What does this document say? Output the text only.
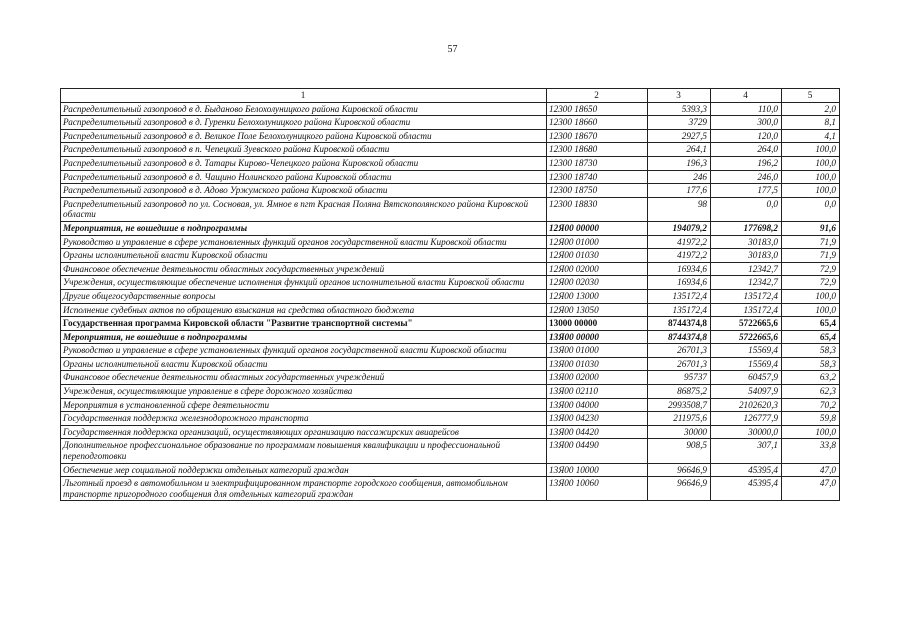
57
1	2	3	4	5
Распределительный газопровод в д. Быданово Белохолуницкого района Кировской области	12300 18650	5393,3	110,0	2,0
Распределительный газопровод в д. Гуренки Белохолуницкого района Кировской области	12300 18660	3729	300,0	8,1
Распределительный газопровод в д. Великое Поле Белохолуницкого района Кировской области	12300 18670	2927,5	120,0	4,1
Распределительный газопровод в п. Чепецкий Зуевского района Кировской области	12300 18680	264,1	264,0	100,0
Распределительный газопровод в д. Татары Кирово-Чепецкого района Кировской области	12300 18730	196,3	196,2	100,0
Распределительный газопровод в д. Чащино Нолинского района Кировской области	12300 18740	246	246,0	100,0
Распределительный газопровод в д. Адово Уржумского района Кировской области	12300 18750	177,6	177,5	100,0
Распределительный газопровод по ул. Сосновая, ул. Ямное в пгт Красная Поляна Вятскополянского района Кировской области	12300 18830	98	0,0	0,0
Мероприятия, не вошедшие в подпрограммы	12Я00 00000	194079,2	177698,2	91,6
Руководство и управление в сфере установленных функций органов государственной власти Кировской области	12Я00 01000	41972,2	30183,0	71,9
Органы исполнительной власти Кировской области	12Я00 01030	41972,2	30183,0	71,9
Финансовое обеспечение деятельности областных государственных учреждений	12Я00 02000	16934,6	12342,7	72,9
Учреждения, осуществляющие обеспечение исполнения функций органов исполнительной власти Кировской области	12Я00 02030	16934,6	12342,7	72,9
Другие общегосударственные вопросы	12Я00 13000	135172,4	135172,4	100,0
Исполнение судебных актов по обращению взыскания на средства областного бюджета	12Я00 13050	135172,4	135172,4	100,0
Государственная программа Кировской области "Развитие транспортной системы"	13000 00000	8744374,8	5722665,6	65,4
Мероприятия, не вошедшие в подпрограммы	13Я00 00000	8744374,8	5722665,6	65,4
Руководство и управление в сфере установленных функций органов государственной власти Кировской области	13Я00 01000	26701,3	15569,4	58,3
Органы исполнительной власти Кировской области	13Я00 01030	26701,3	15569,4	58,3
Финансовое обеспечение деятельности областных государственных учреждений	13Я00 02000	95737	60457,9	63,2
Учреждения, осуществляющие управление в сфере дорожного хозяйства	13Я00 02110	86875,2	54097,9	62,3
Мероприятия в установленной сфере деятельности	13Я00 04000	2993508,7	2102620,3	70,2
Государственная поддержка железнодорожного транспорта	13Я00 04230	211975,6	126777,9	59,8
Государственная поддержка организаций, осуществляющих организацию пассажирских авиарейсов	13Я00 04420	30000	30000,0	100,0
Дополнительное профессиональное образование по программам повышения квалификации и профессиональной переподготовки	13Я00 04490	908,5	307,1	33,8
Обеспечение мер социальной поддержки отдельных категорий граждан	13Я00 10000	96646,9	45395,4	47,0
Льготный проезд в автомобильном и электрифицированном транспорте городского сообщения, автомобильном транспорте пригородного сообщения для отдельных категорий граждан	13Я00 10060	96646,9	45395,4	47,0
